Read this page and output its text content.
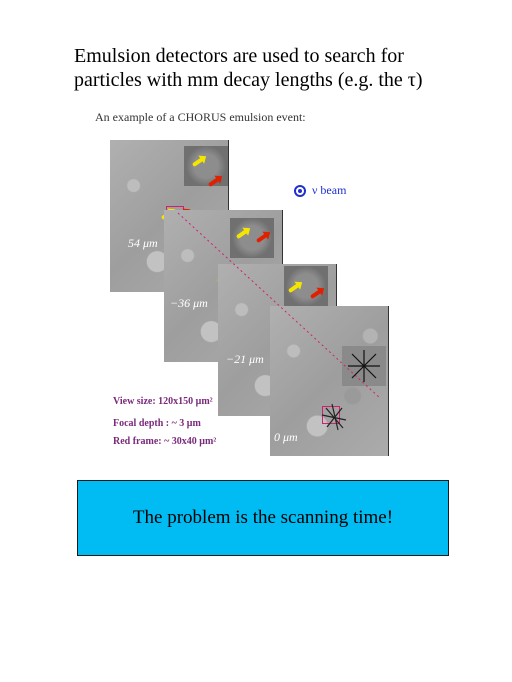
Emulsion detectors are used to search for
particles with mm decay lengths (e.g. the τ)
An example of a CHORUS emulsion event:
54 μm
−36 μm
−21 μm
0 μm
ν beam
View size: 120x150 μm²
Focal depth : ~ 3 μm
Red frame: ~ 30x40 μm²
The problem is the scanning time!
